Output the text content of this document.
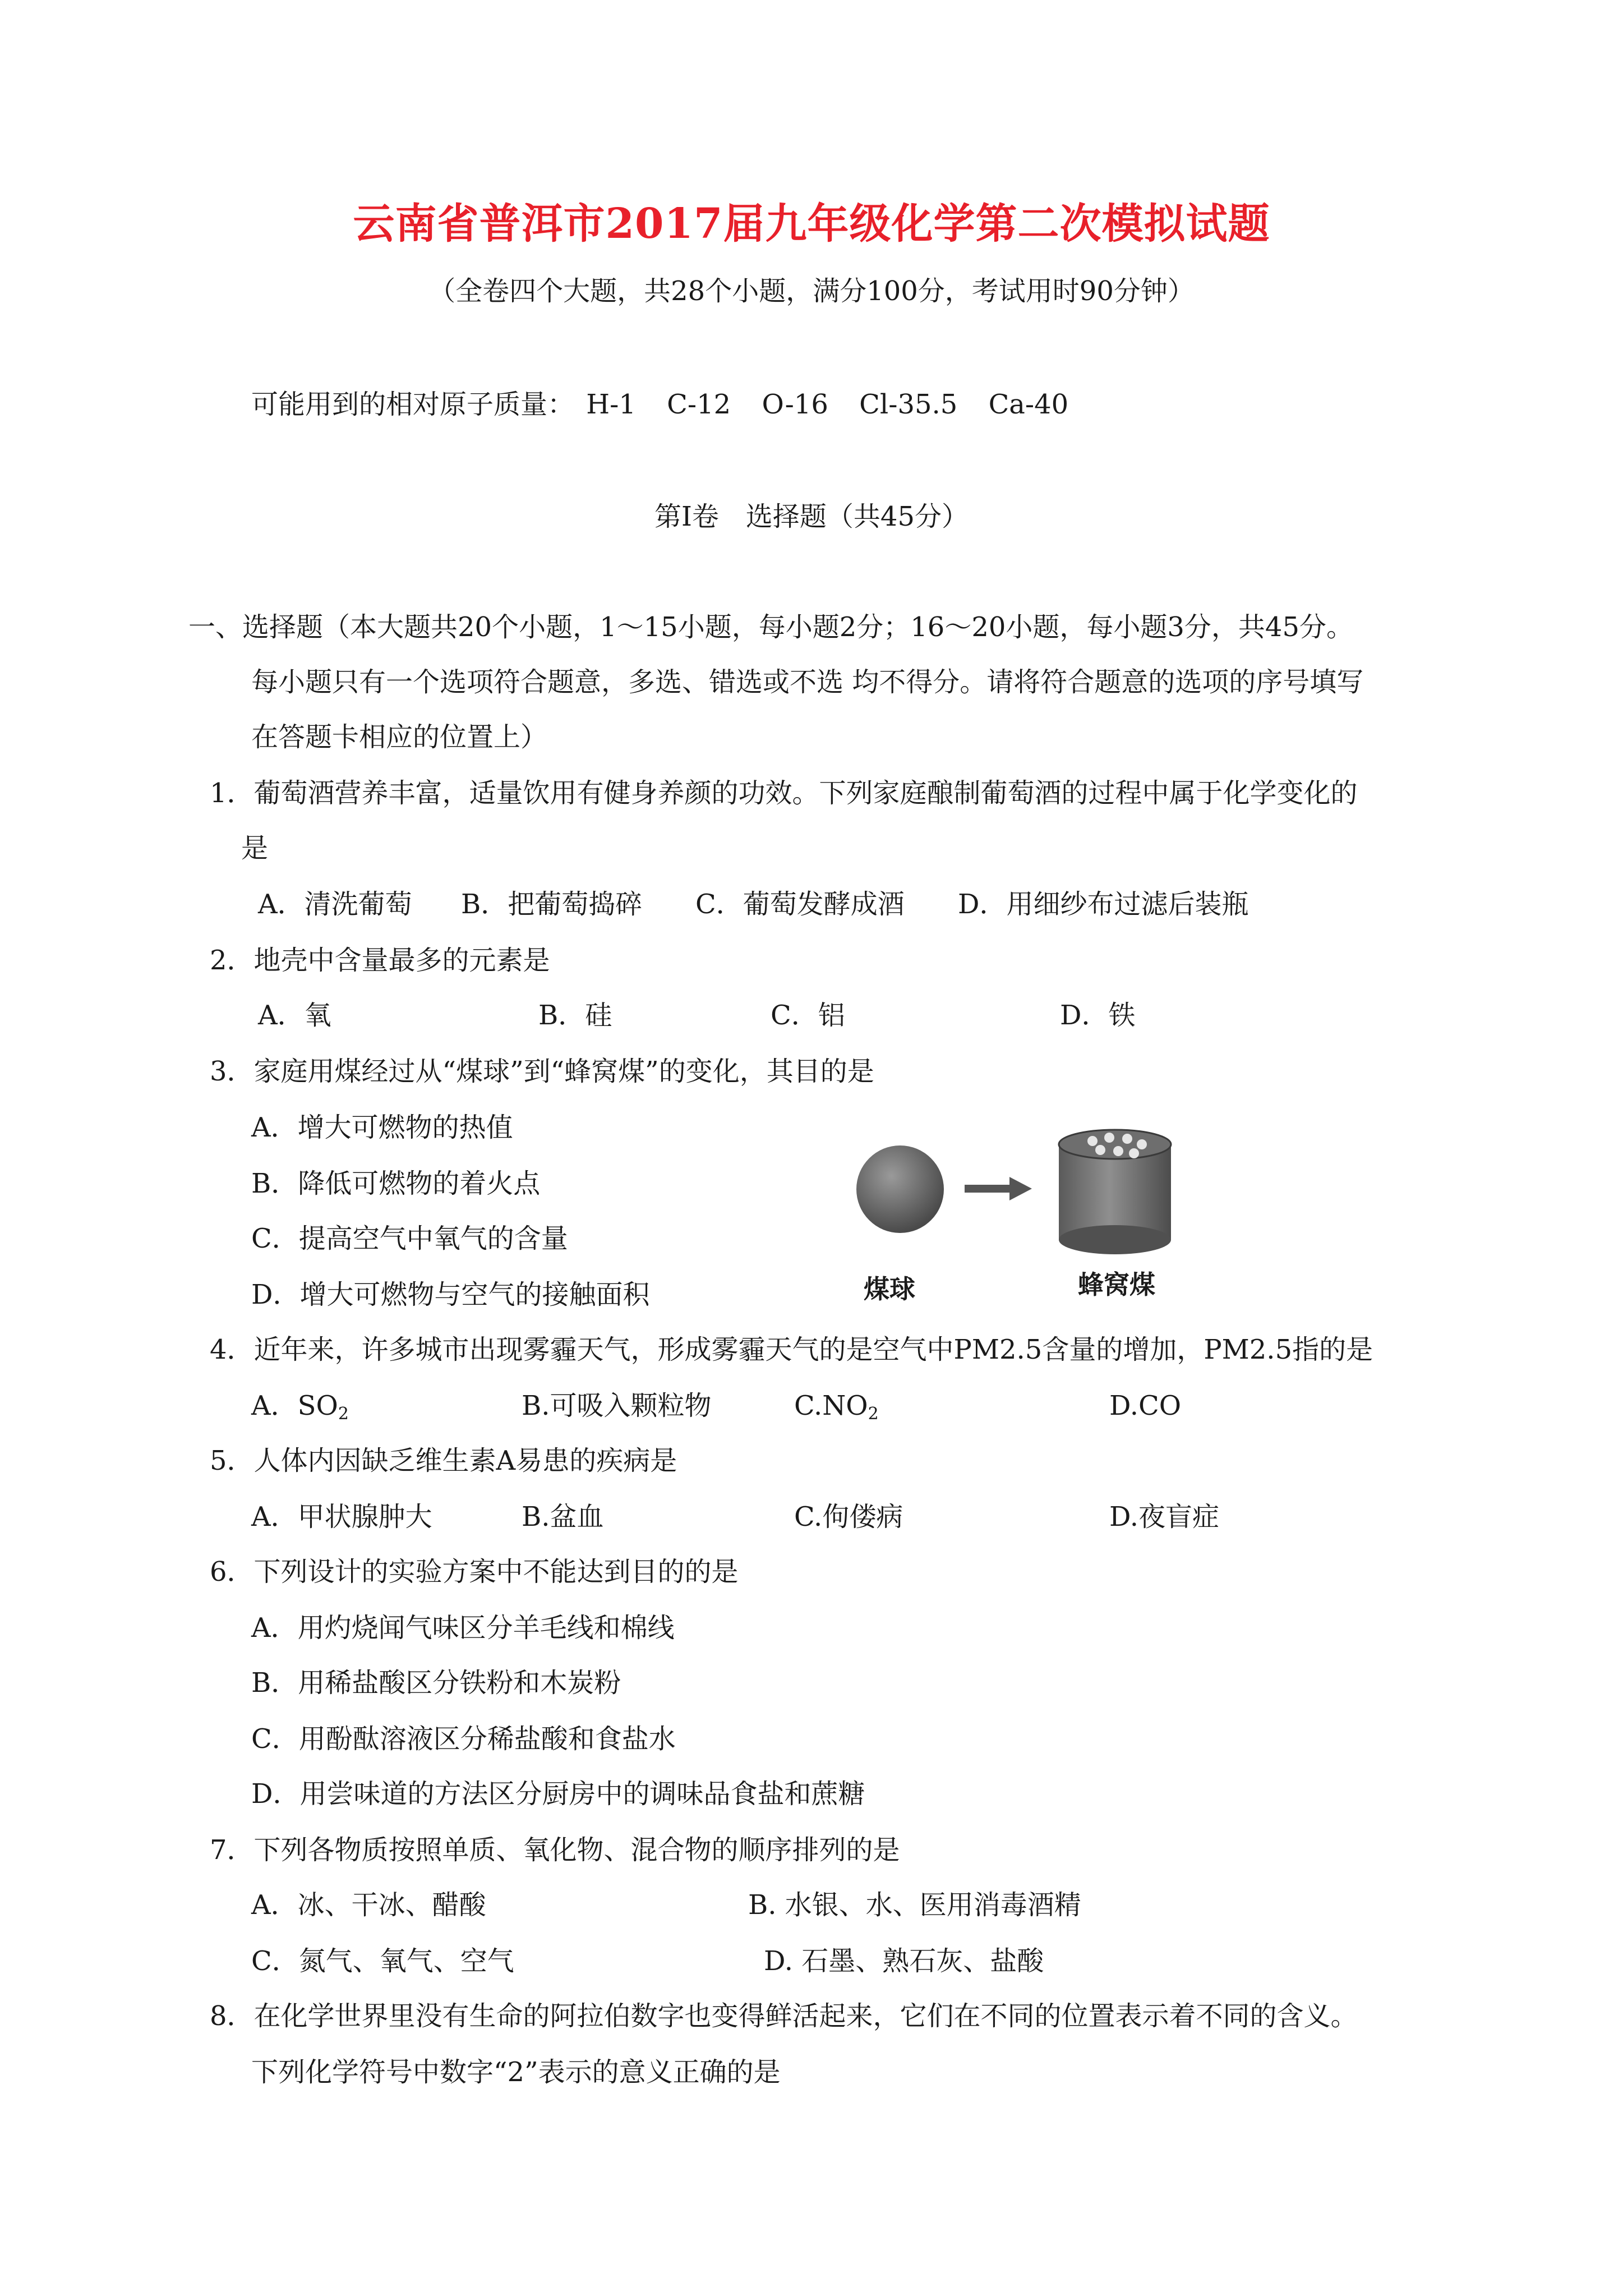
云南省普洱市2017届九年级化学第二次模拟试题
（全卷四个大题，共28个小题，满分100分，考试用时90分钟）
可能用到的相对原子质量： H-1 C-12 O-16 Cl-35.5 Ca-40
第Ⅰ卷　选择题（共45分）
一、选择题（本大题共20个小题，1～15小题，每小题2分；16～20小题，每小题3分，共45分。
每小题只有一个选项符合题意，多选、错选或不选 均不得分。请将符合题意的选项的序号填写
在答题卡相应的位置上）
1．葡萄酒营养丰富，适量饮用有健身养颜的功效。下列家庭酿制葡萄酒的过程中属于化学变化的
是
A．清洗葡萄 B．把葡萄捣碎 C．葡萄发酵成酒 D．用细纱布过滤后装瓶
2．地壳中含量最多的元素是
A．氧	B．硅	C．铝	D．铁
3．家庭用煤经过从“煤球”到“蜂窝煤”的变化，其目的是
A．增大可燃物的热值
B．降低可燃物的着火点
C．提高空气中氧气的含量
D．增大可燃物与空气的接触面积	煤球	蜂窝煤
4．近年来，许多城市出现雾霾天气，形成雾霾天气的是空气中PM2.5含量的增加，PM2.5指的是
A．$SO_2$	B.可吸入颗粒物	$C.NO_2$	D.CO
5．人体内因缺乏维生素A易患的疾病是
A．甲状腺肿大	B.盆血	C.佝偻病	D.夜盲症
6．下列设计的实验方案中不能达到目的的是
A．用灼烧闻气味区分羊毛线和棉线
B．用稀盐酸区分铁粉和木炭粉
C．用酚酞溶液区分稀盐酸和食盐水
D．用尝味道的方法区分厨房中的调味品食盐和蔗糖
7．下列各物质按照单质、氧化物、混合物的顺序排列的是
A．冰、干冰、醋酸	B. 水银、水、医用消毒酒精
C．氮气、氧气、空气	D. 石墨、熟石灰、盐酸
8．在化学世界里没有生命的阿拉伯数字也变得鲜活起来，它们在不同的位置表示着不同的含义。
下列化学符号中数字“2”表示的意义正确的是
